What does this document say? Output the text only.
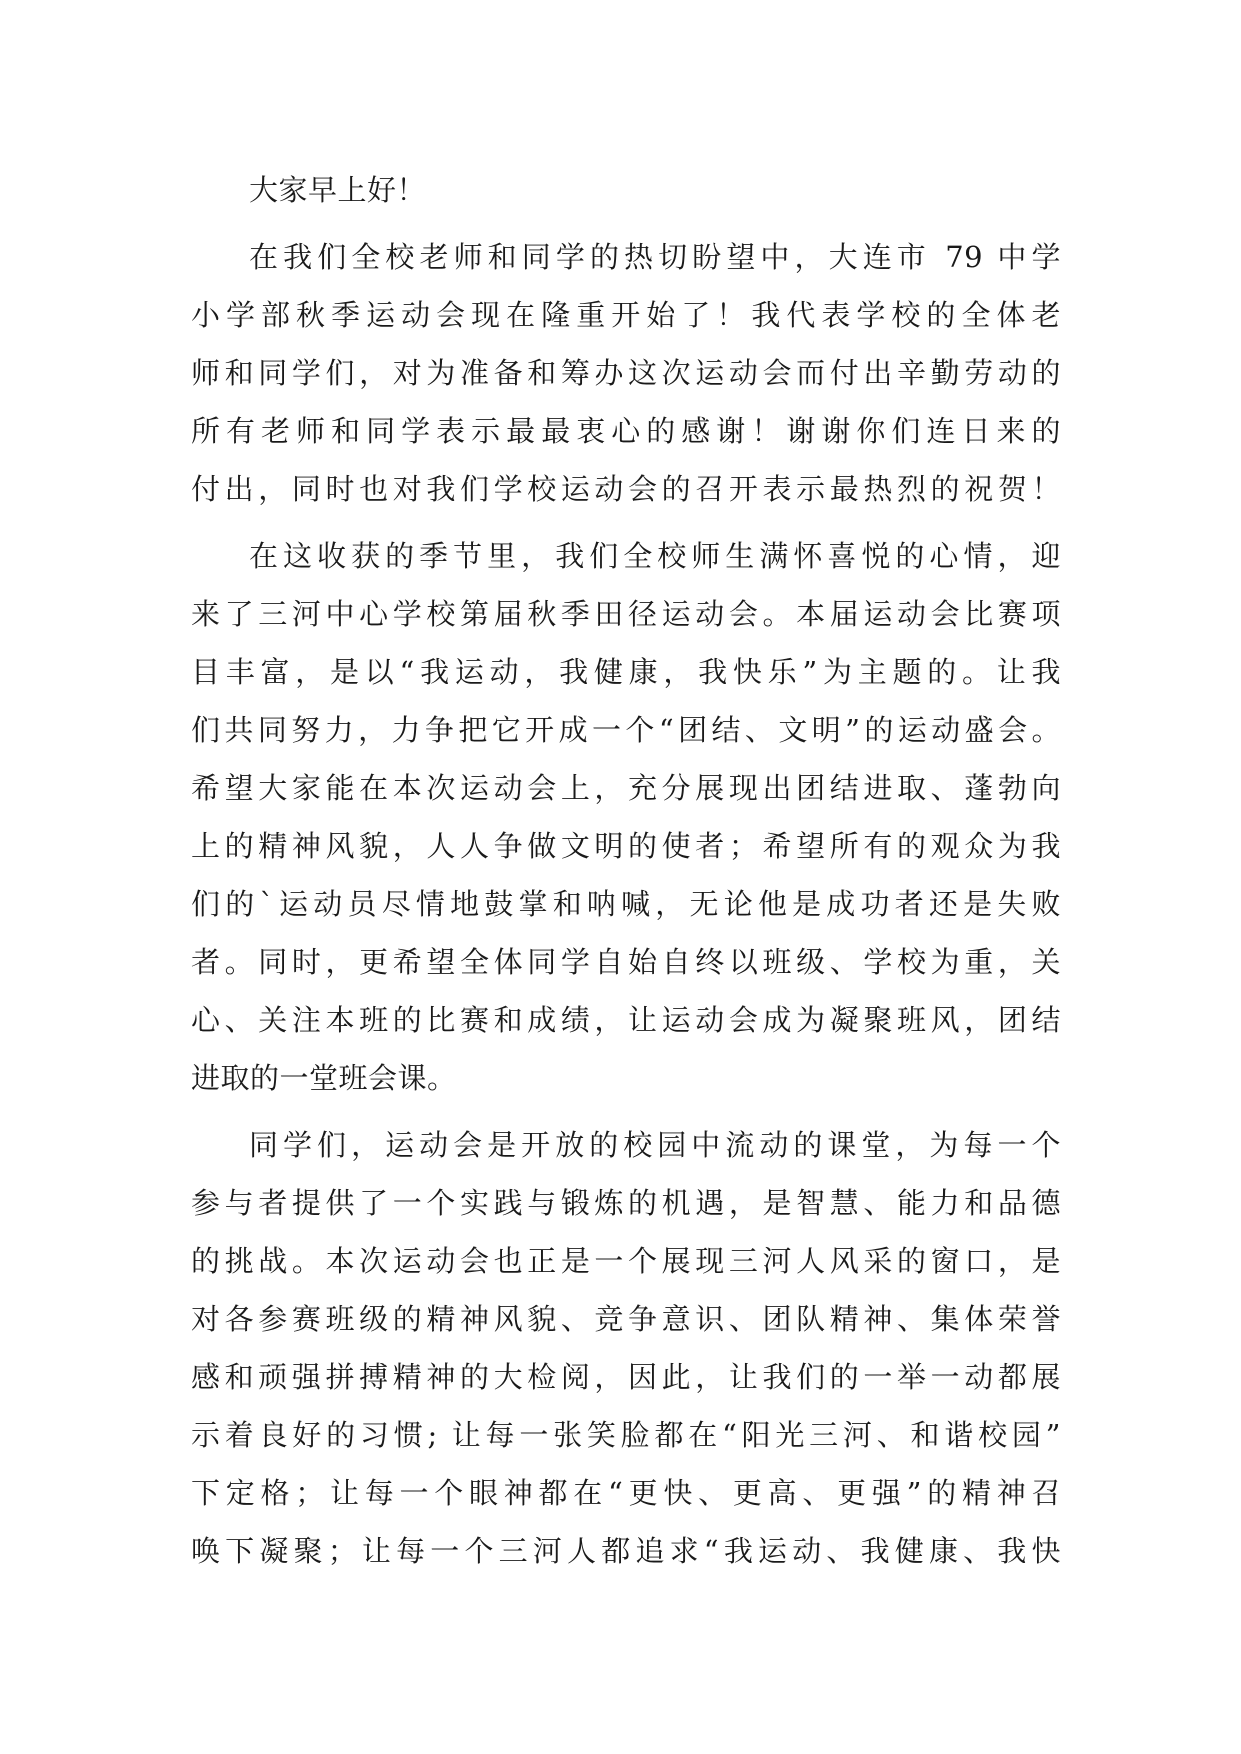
大家早上好！
在我们全校老师和同学的热切盼望中，大连市 79 中学
小学部秋季运动会现在隆重开始了！我代表学校的全体老
师和同学们，对为准备和筹办这次运动会而付出辛勤劳动的
所有老师和同学表示最最衷心的感谢！谢谢你们连日来的
付出，同时也对我们学校运动会的召开表示最热烈的祝贺！
在这收获的季节里，我们全校师生满怀喜悦的心情，迎
来了三河中心学校第届秋季田径运动会。本届运动会比赛项
目丰富，是以“我运动，我健康，我快乐”为主题的。让我
们共同努力，力争把它开成一个“团结、文明”的运动盛会。
希望大家能在本次运动会上，充分展现出团结进取、蓬勃向
上的精神风貌，人人争做文明的使者；希望所有的观众为我
们的`运动员尽情地鼓掌和呐喊，无论他是成功者还是失败
者。同时，更希望全体同学自始自终以班级、学校为重，关
心、关注本班的比赛和成绩，让运动会成为凝聚班风，团结
进取的一堂班会课。
同学们，运动会是开放的校园中流动的课堂，为每一个
参与者提供了一个实践与锻炼的机遇，是智慧、能力和品德
的挑战。本次运动会也正是一个展现三河人风采的窗口，是
对各参赛班级的精神风貌、竞争意识、团队精神、集体荣誉
感和顽强拼搏精神的大检阅，因此，让我们的一举一动都展
示着良好的习惯; 让每一张笑脸都在“阳光三河、和谐校园”
下定格；让每一个眼神都在“更快、更高、更强”的精神召
唤下凝聚；让每一个三河人都追求“我运动、我健康、我快
